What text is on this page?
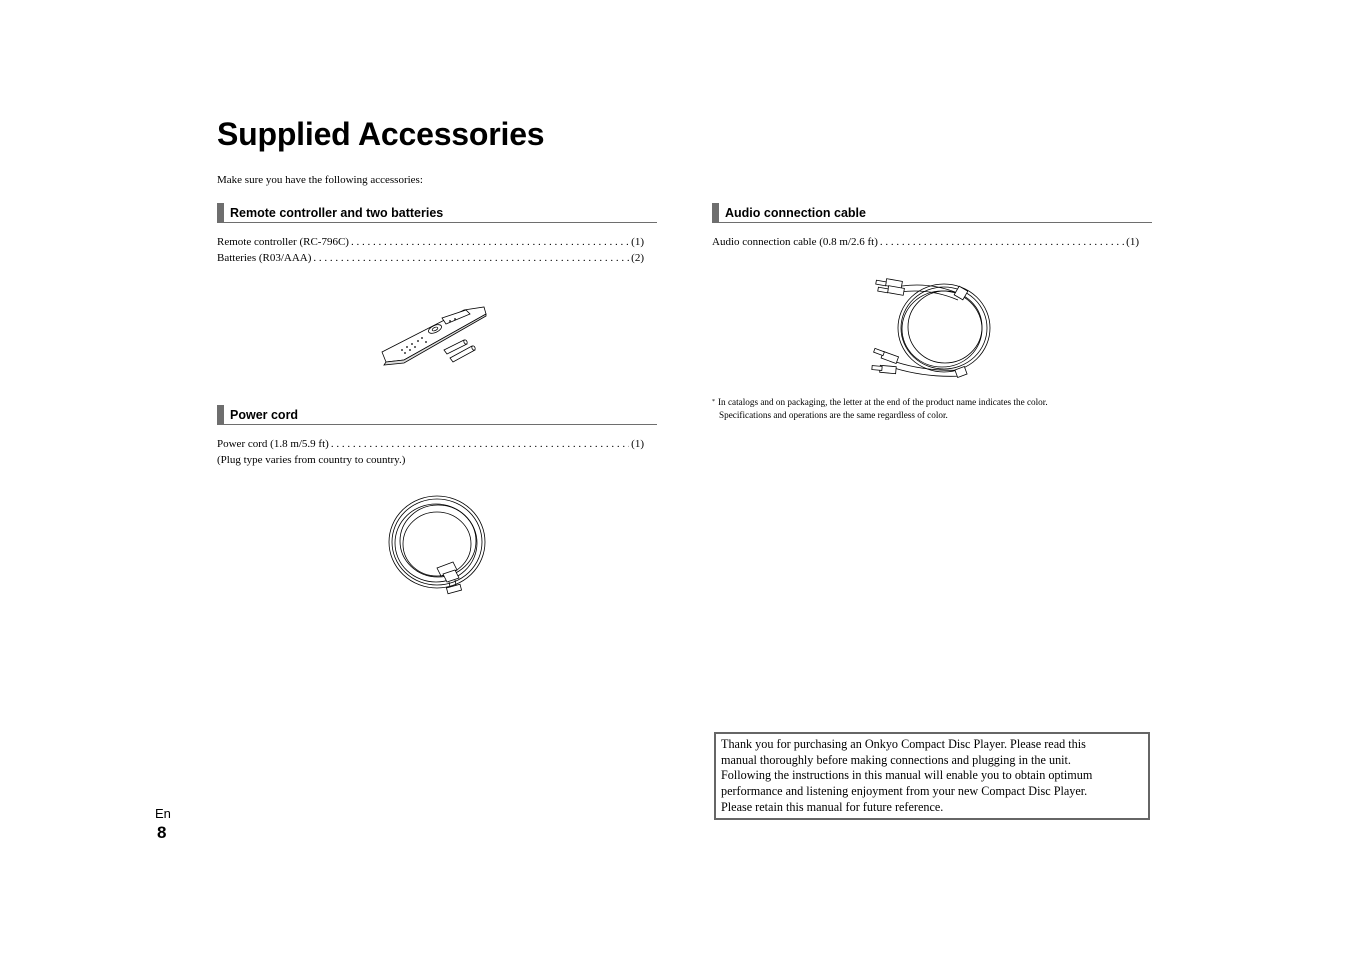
Supplied Accessories
Make sure you have the following accessories:
Remote controller and two batteries
Remote controller (RC-796C) . . .	(1)
Batteries (R03/AAA) . . .	(2)
Power cord
Power cord (1.8 m/5.9 ft) . . .	(1)
(Plug type varies from country to country.)
Audio connection cable
Audio connection cable (0.8 m/2.6 ft) . . .	(1)
* In catalogs and on packaging, the letter at the end of the product name indicates the color.
Specifications and operations are the same regardless of color.
Thank you for purchasing an Onkyo Compact Disc Player. Please read this
manual thoroughly before making connections and plugging in the unit.
Following the instructions in this manual will enable you to obtain optimum
performance and listening enjoyment from your new Compact Disc Player.
Please retain this manual for future reference.
En
8
